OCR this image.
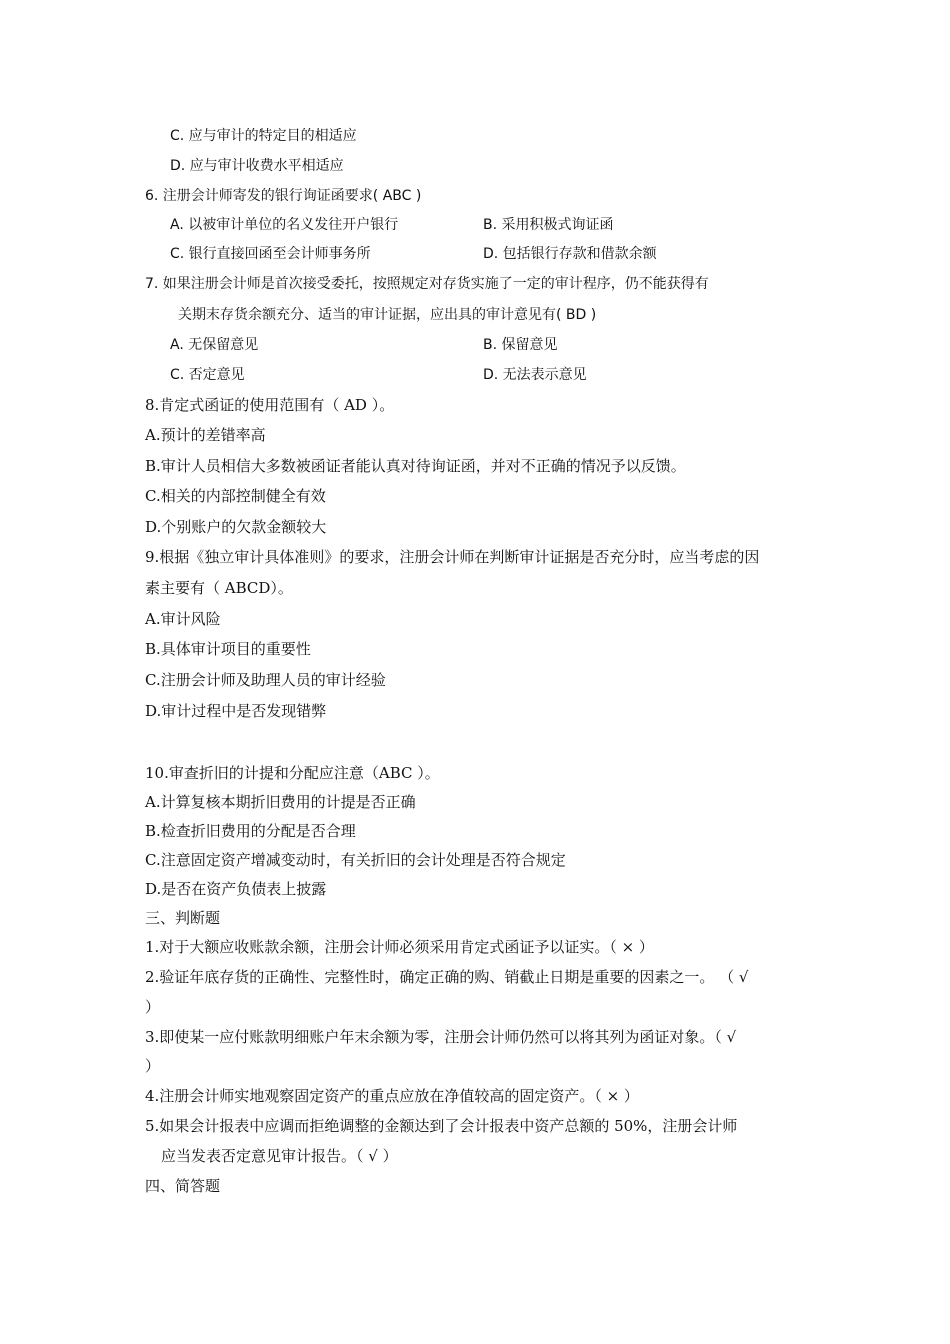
C. 应与审计的特定目的相适应
D. 应与审计收费水平相适应
6. 注册会计师寄发的银行询证函要求( ABC )
A. 以被审计单位的名义发往开户银行	B. 采用积极式询证函
C. 银行直接回函至会计师事务所	D. 包括银行存款和借款余额
7. 如果注册会计师是首次接受委托，按照规定对存货实施了一定的审计程序，仍不能获得有
关期末存货余额充分、适当的审计证据，应出具的审计意见有( BD )
A. 无保留意见	B. 保留意见
C. 否定意见	D. 无法表示意见
8.肯定式函证的使用范围有（ AD ）。
A.预计的差错率高
B.审计人员相信大多数被函证者能认真对待询证函，并对不正确的情况予以反馈。
C.相关的内部控制健全有效
D.个别账户的欠款金额较大
9.根据《独立审计具体准则》的要求，注册会计师在判断审计证据是否充分时，应当考虑的因
素主要有（ ABCD）。
A.审计风险
B.具体审计项目的重要性
C.注册会计师及助理人员的审计经验
D.审计过程中是否发现错弊
10.审查折旧的计提和分配应注意（ABC ）。
A.计算复核本期折旧费用的计提是否正确
B.检查折旧费用的分配是否合理
C.注意固定资产增减变动时，有关折旧的会计处理是否符合规定
D.是否在资产负债表上披露
三、判断题
1.对于大额应收账款余额，注册会计师必须采用肯定式函证予以证实。（ × ）
2.验证年底存货的正确性、完整性时，确定正确的购、销截止日期是重要的因素之一。 （ √
）
3.即使某一应付账款明细账户年末余额为零，注册会计师仍然可以将其列为函证对象。（ √
）
4.注册会计师实地观察固定资产的重点应放在净值较高的固定资产。（ × ）
5.如果会计报表中应调而拒绝调整的金额达到了会计报表中资产总额的 50%，注册会计师
应当发表否定意见审计报告。（ √ ）
四、简答题
